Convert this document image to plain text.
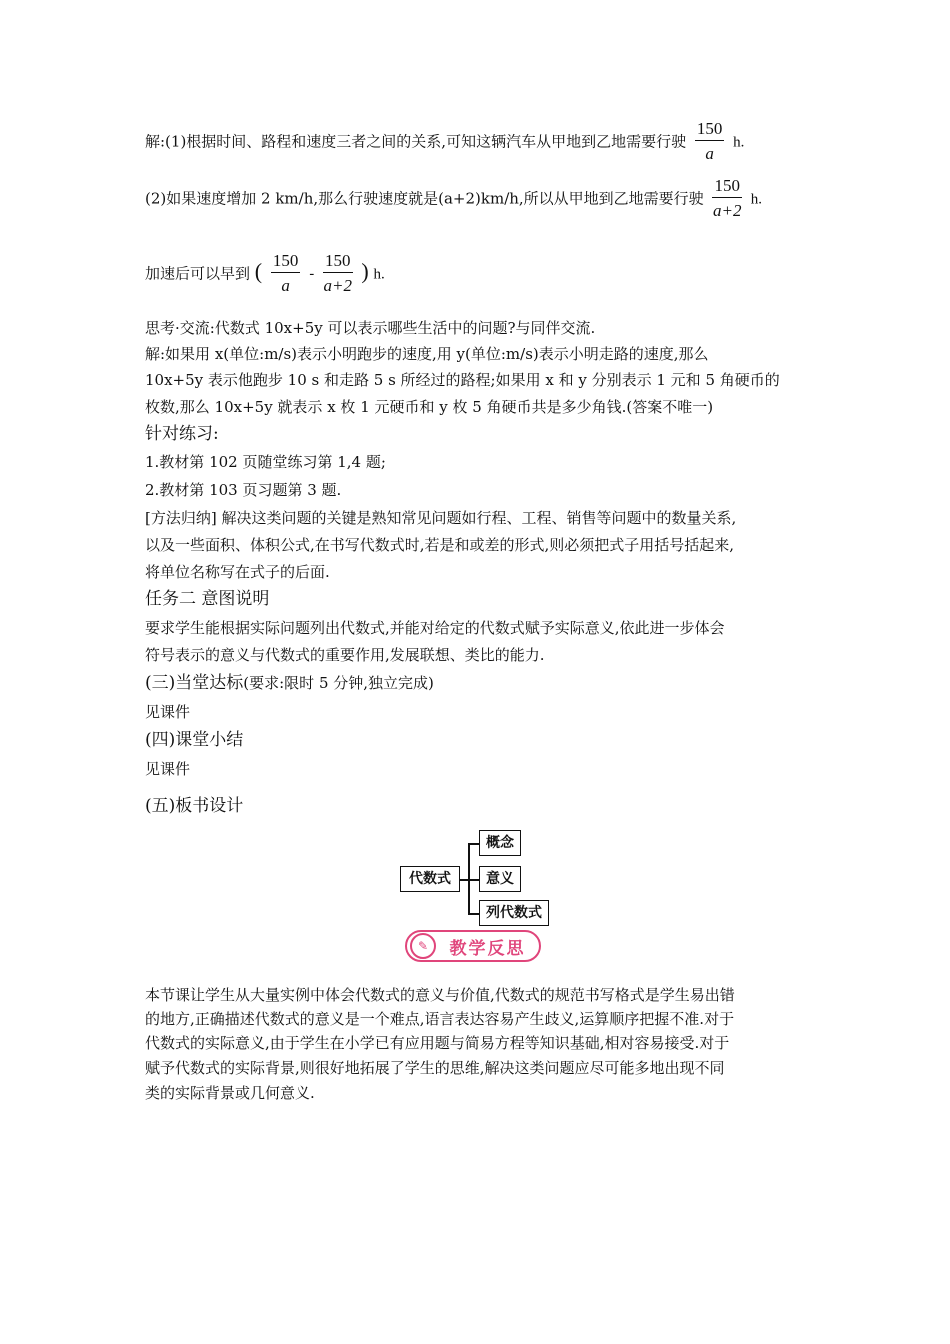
解:(1)根据时间、路程和速度三者之间的关系,可知这辆汽车从甲地到乙地需要行驶 $\frac{150}{a} h$.
(2)如果速度增加 2 km/h,那么行驶速度就是(a+2)km/h,所以从甲地到乙地需要行驶 $\frac{150}{a+2} h$.
加速后可以早到 ( $\frac{150}{a} - \frac{150}{a+2}$ ) h.
思考·交流:代数式 10x+5y 可以表示哪些生活中的问题?与同伴交流.
解:如果用 x(单位:m/s)表示小明跑步的速度,用 y(单位:m/s)表示小明走路的速度,那么
10x+5y 表示他跑步 10 s 和走路 5 s 所经过的路程;如果用 x 和 y 分别表示 1 元和 5 角硬币的
枚数,那么 10x+5y 就表示 x 枚 1 元硬币和 y 枚 5 角硬币共是多少角钱.(答案不唯一)
针对练习:
1.教材第 102 页随堂练习第 1,4 题;
2.教材第 103 页习题第 3 题.
[方法归纳] 解决这类问题的关键是熟知常见问题如行程、工程、销售等问题中的数量关系,
以及一些面积、体积公式,在书写代数式时,若是和或差的形式,则必须把式子用括号括起来,
将单位名称写在式子的后面.
任务二 意图说明
要求学生能根据实际问题列出代数式,并能对给定的代数式赋予实际意义,依此进一步体会
符号表示的意义与代数式的重要作用,发展联想、类比的能力.
(三)当堂达标(要求:限时 5 分钟,独立完成)
见课件
(四)课堂小结
见课件
(五)板书设计
代数式
概念
意义
列代数式
✎	教学反思
本节课让学生从大量实例中体会代数式的意义与价值,代数式的规范书写格式是学生易出错
的地方,正确描述代数式的意义是一个难点,语言表达容易产生歧义,运算顺序把握不准.对于
代数式的实际意义,由于学生在小学已有应用题与简易方程等知识基础,相对容易接受.对于
赋予代数式的实际背景,则很好地拓展了学生的思维,解决这类问题应尽可能多地出现不同
类的实际背景或几何意义.
